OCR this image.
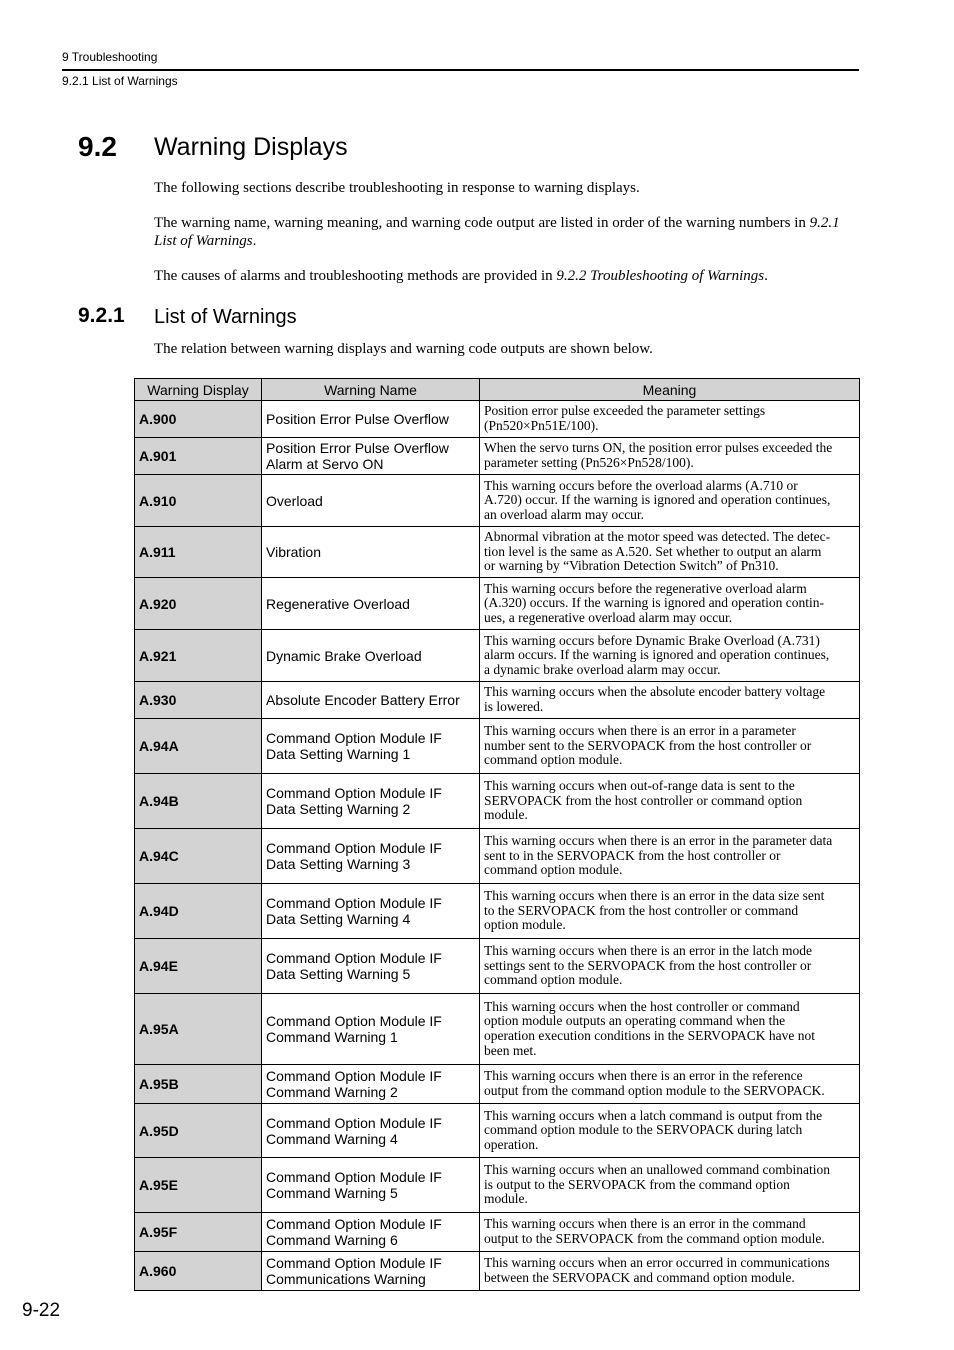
9 Troubleshooting
9.2.1 List of Warnings
9.2 Warning Displays
The following sections describe troubleshooting in response to warning displays.
The warning name, warning meaning, and warning code output are listed in order of the warning numbers in 9.2.1 List of Warnings.
The causes of alarms and troubleshooting methods are provided in 9.2.2 Troubleshooting of Warnings.
9.2.1 List of Warnings
The relation between warning displays and warning code outputs are shown below.
Warning Display	Warning Name	Meaning
A.900	Position Error Pulse Overflow	Position error pulse exceeded the parameter settings
(Pn520×Pn51E/100).
A.901	Position Error Pulse Overflow
Alarm at Servo ON	When the servo turns ON, the position error pulses exceeded the
parameter setting (Pn526×Pn528/100).
A.910	Overload	This warning occurs before the overload alarms (A.710 or
A.720) occur. If the warning is ignored and operation continues,
an overload alarm may occur.
A.911	Vibration	Abnormal vibration at the motor speed was detected. The detec-
tion level is the same as A.520. Set whether to output an alarm
or warning by “Vibration Detection Switch” of Pn310.
A.920	Regenerative Overload	This warning occurs before the regenerative overload alarm
(A.320) occurs. If the warning is ignored and operation contin-
ues, a regenerative overload alarm may occur.
A.921	Dynamic Brake Overload	This warning occurs before Dynamic Brake Overload (A.731)
alarm occurs. If the warning is ignored and operation continues,
a dynamic brake overload alarm may occur.
A.930	Absolute Encoder Battery Error	This warning occurs when the absolute encoder battery voltage
is lowered.
A.94A	Command Option Module IF
Data Setting Warning 1	This warning occurs when there is an error in a parameter
number sent to the SERVOPACK from the host controller or
command option module.
A.94B	Command Option Module IF
Data Setting Warning 2	This warning occurs when out-of-range data is sent to the
SERVOPACK from the host controller or command option
module.
A.94C	Command Option Module IF
Data Setting Warning 3	This warning occurs when there is an error in the parameter data
sent to in the SERVOPACK from the host controller or
command option module.
A.94D	Command Option Module IF
Data Setting Warning 4	This warning occurs when there is an error in the data size sent
to the SERVOPACK from the host controller or command
option module.
A.94E	Command Option Module IF
Data Setting Warning 5	This warning occurs when there is an error in the latch mode
settings sent to the SERVOPACK from the host controller or
command option module.
A.95A	Command Option Module IF
Command Warning 1	This warning occurs when the host controller or command
option module outputs an operating command when the
operation execution conditions in the SERVOPACK have not
been met.
A.95B	Command Option Module IF
Command Warning 2	This warning occurs when there is an error in the reference
output from the command option module to the SERVOPACK.
A.95D	Command Option Module IF
Command Warning 4	This warning occurs when a latch command is output from the
command option module to the SERVOPACK during latch
operation.
A.95E	Command Option Module IF
Command Warning 5	This warning occurs when an unallowed command combination
is output to the SERVOPACK from the command option
module.
A.95F	Command Option Module IF
Command Warning 6	This warning occurs when there is an error in the command
output to the SERVOPACK from the command option module.
A.960	Command Option Module IF
Communications Warning	This warning occurs when an error occurred in communications
between the SERVOPACK and command option module.
9-22
